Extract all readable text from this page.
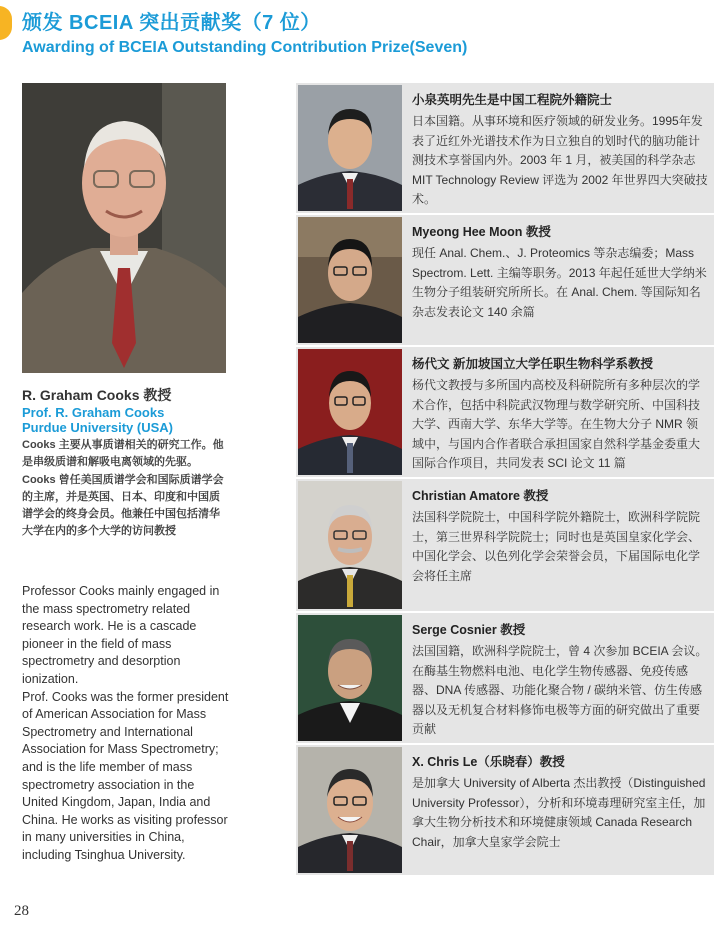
颁发 BCEIA 突出贡献奖（7 位）
Awarding of BCEIA Outstanding Contribution Prize(Seven)
R. Graham Cooks 教授
Prof. R. Graham Cooks
Purdue University (USA)

Cooks 主要从事质谱相关的研究工作。他是串级质谱和解吸电离领域的先驱。

Cooks 曾任美国质谱学会和国际质谱学会的主席，并是英国、日本、印度和中国质谱学会的终身会员。他兼任中国包括清华大学在内的多个大学的访问教授

Professor Cooks mainly engaged in the mass spectrometry related research work. He is a cascade pioneer in the field of mass spectrometry and desorption ionization.

Prof. Cooks was the former president of American Association for Mass Spectrometry and International Association for Mass Spectrometry; and is the life member of mass spectrometry association in the United Kingdom, Japan, India and China. He works as visiting professor in many universities in China, including Tsinghua University.

小泉英明先生是中国工程院外籍院士
日本国籍。从事环境和医疗领域的研发业务。1995年发表了近红外光谱技术作为日立独自的划时代的脑功能计测技术享誉国内外。2003 年 1 月，被美国的科学杂志 MIT Technology Review 评选为 2002 年世界四大突破技术。
Myeong Hee Moon 教授
现任 Anal. Chem.、J. Proteomics 等杂志编委；Mass Spectrom. Lett. 主编等职务。2013 年起任延世大学纳米生物分子组装研究所所长。在 Anal. Chem. 等国际知名杂志发表论文 140 余篇
杨代文 新加坡国立大学任职生物科学系教授
杨代文教授与多所国内高校及科研院所有多种层次的学术合作，包括中科院武汉物理与数学研究所、中国科技大学、西南大学、东华大学等。在生物大分子 NMR 领域中，与国内合作者联合承担国家自然科学基金委重大国际合作项目，共同发表 SCI 论文 11 篇
Christian Amatore 教授
法国科学院院士，中国科学院外籍院士，欧洲科学院院士，第三世界科学院院士；同时也是英国皇家化学会、中国化学会、以色列化学会荣誉会员，下届国际电化学会将任主席
Serge Cosnier 教授
法国国籍，欧洲科学院院士，曾 4 次参加 BCEIA 会议。在酶基生物燃料电池、电化学生物传感器、免疫传感器、DNA 传感器、功能化聚合物 / 碳纳米管、仿生传感器以及无机复合材料修饰电极等方面的研究做出了重要贡献
X. Chris Le（乐晓春）教授
是加拿大 University of Alberta 杰出教授（Distinguished University Professor），分析和环境毒理研究室主任，加拿大生物分析技术和环境健康领域 Canada Research Chair，加拿大皇家学会院士
28
